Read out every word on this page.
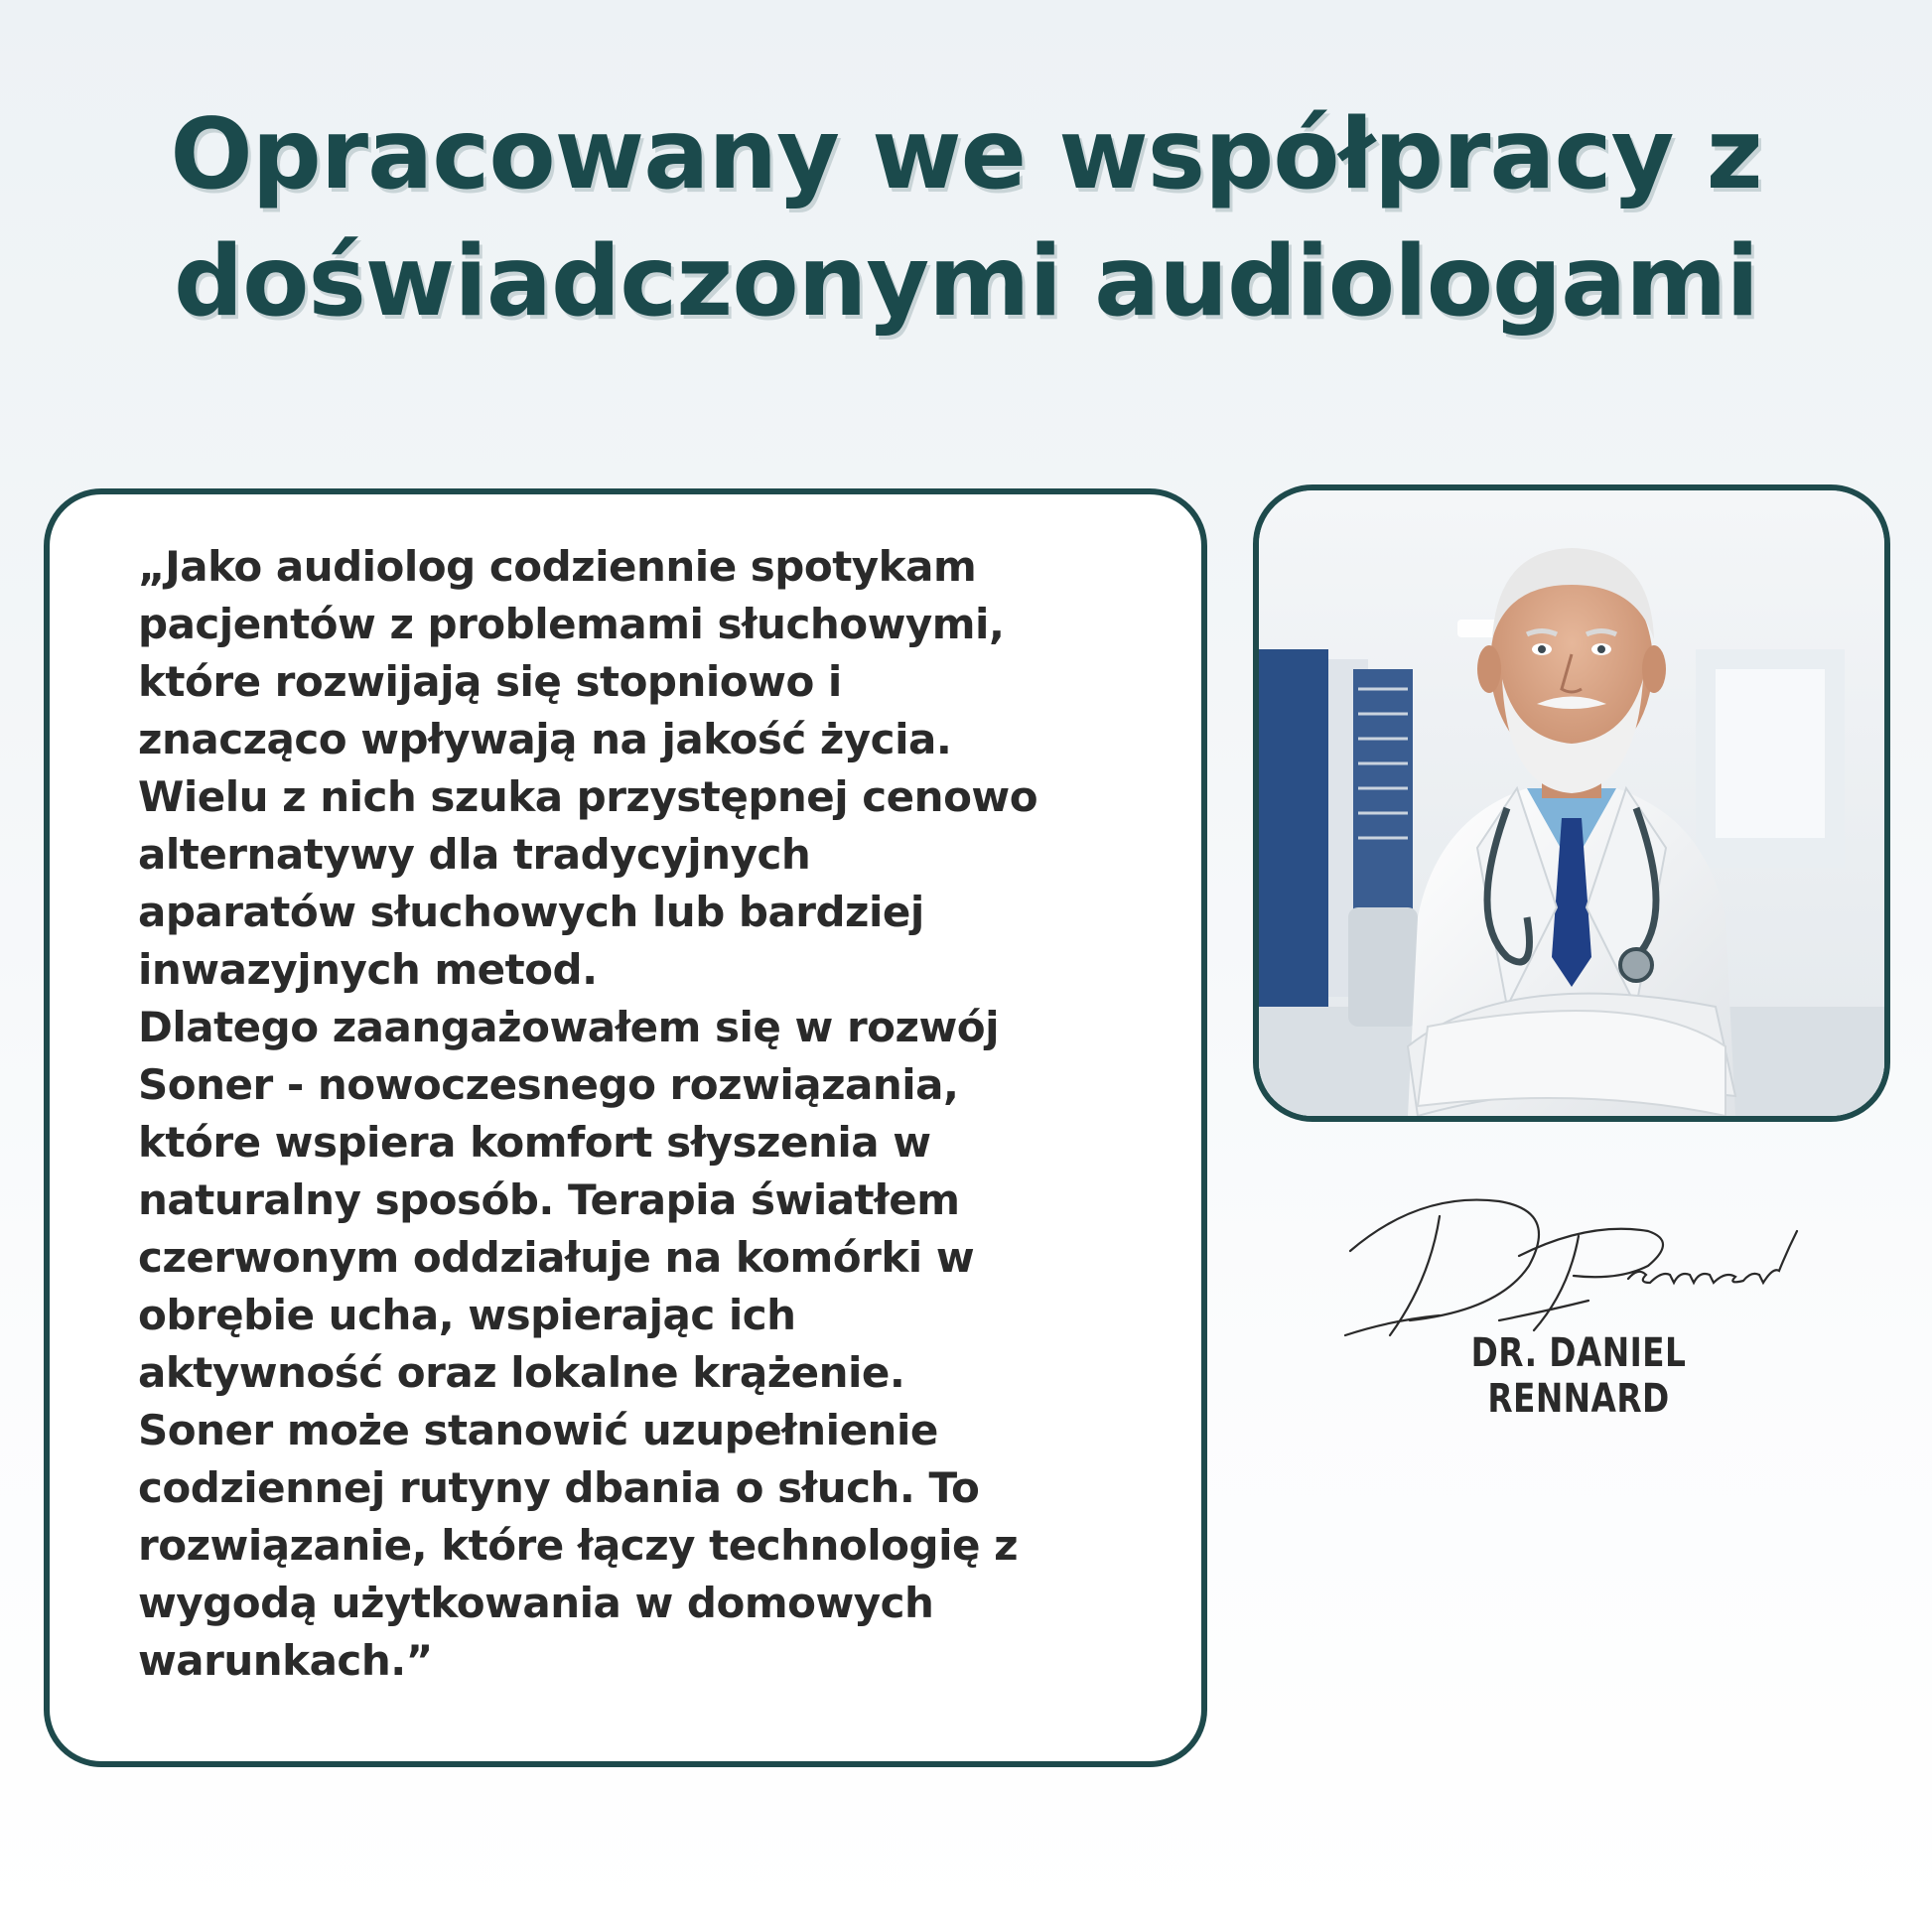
Opracowany we współpracy z
doświadczonymi audiologami

„Jako audiolog codziennie spotykam
pacjentów z problemami słuchowymi,
które rozwijają się stopniowo i
znacząco wpływają na jakość życia.
Wielu z nich szuka przystępnej cenowo
alternatywy dla tradycyjnych
aparatów słuchowych lub bardziej
inwazyjnych metod.
Dlatego zaangażowałem się w rozwój
Soner - nowoczesnego rozwiązania,
które wspiera komfort słyszenia w
naturalny sposób. Terapia światłem
czerwonym oddziałuje na komórki w
obrębie ucha, wspierając ich
aktywność oraz lokalne krążenie.
Soner może stanowić uzupełnienie
codziennej rutyny dbania o słuch. To
rozwiązanie, które łączy technologię z
wygodą użytkowania w domowych
warunkach.”

DR. DANIEL RENNARD
